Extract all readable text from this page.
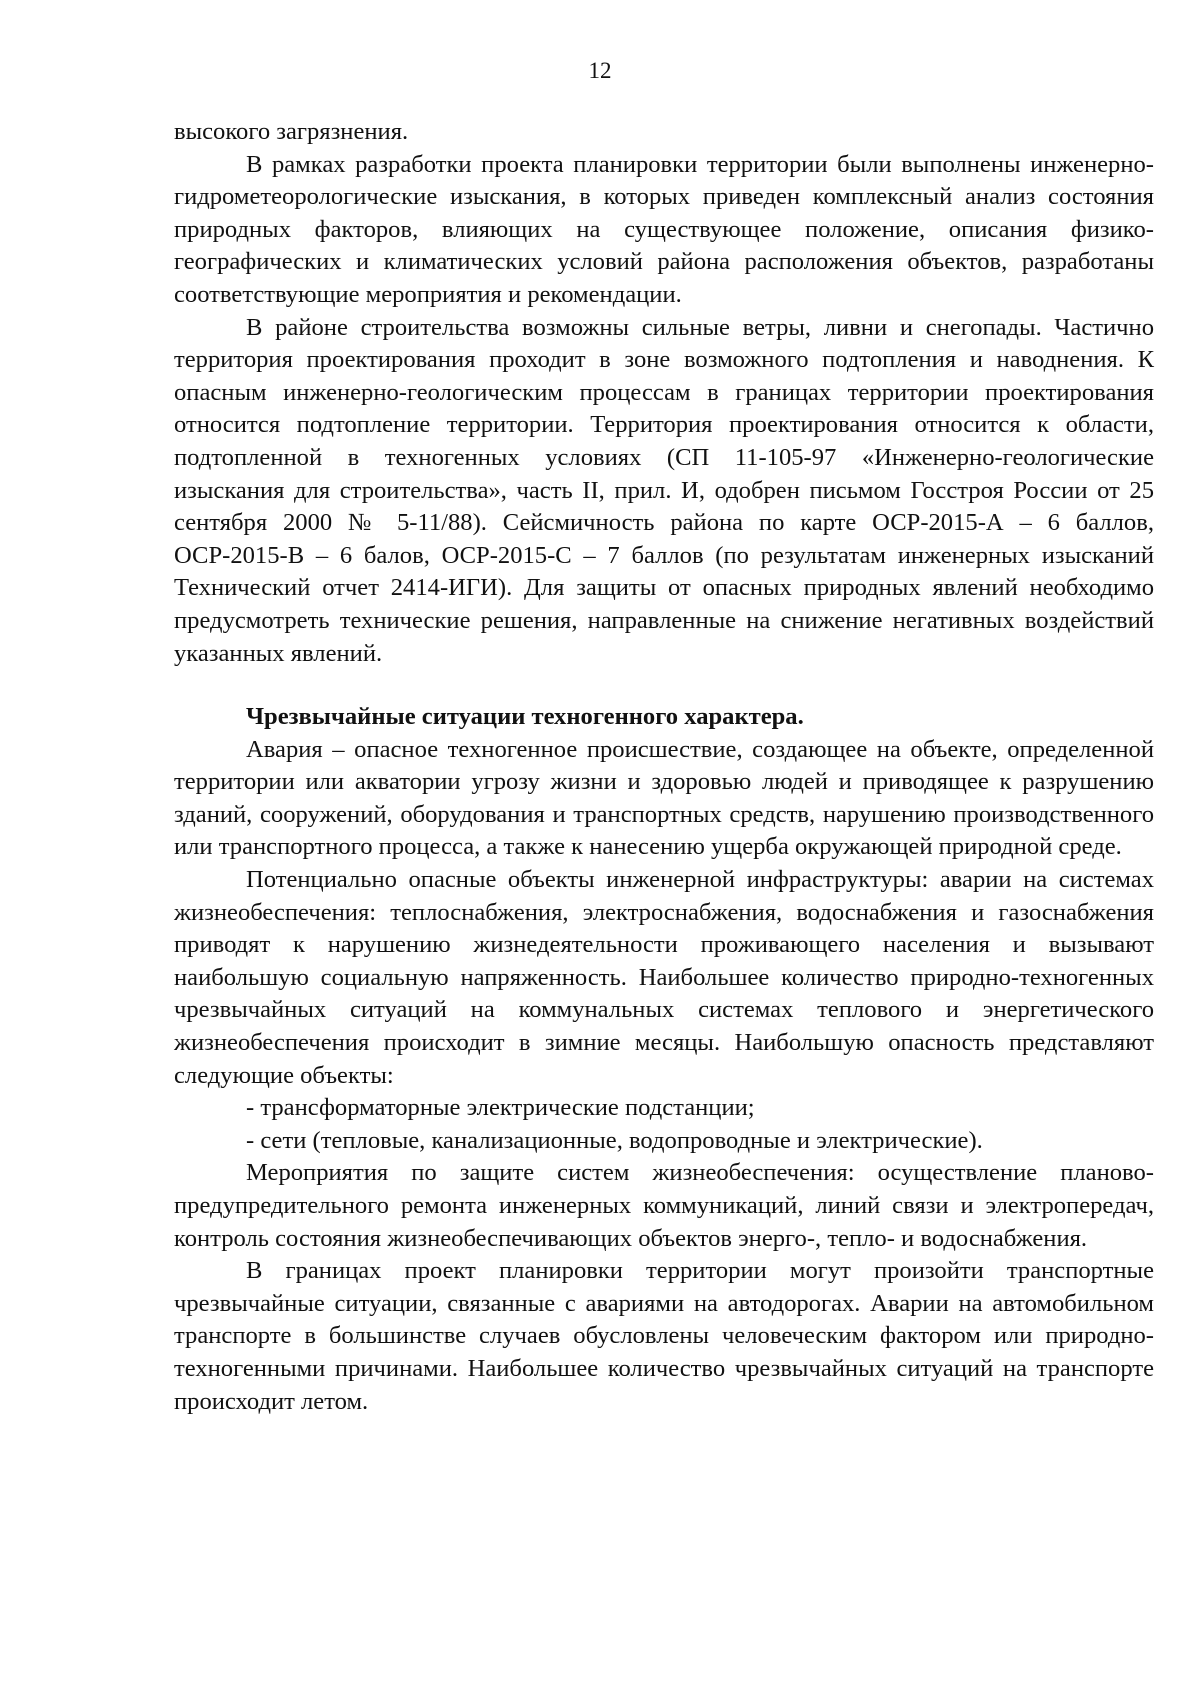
12

высокого загрязнения.

В рамках разработки проекта планировки территории были выполнены инженерно-гидрометеорологические изыскания, в которых приведен комплексный анализ состояния природных факторов, влияющих на существующее положение, описания физико-географических и климатических условий района расположения объектов, разработаны соответствующие мероприятия и рекомендации.

В районе строительства возможны сильные ветры, ливни и снегопады. Частично территория проектирования проходит в зоне возможного подтопления и наводнения. К опасным инженерно-геологическим процессам в границах территории проектирования относится подтопление территории. Территория проектирования относится к области, подтопленной в техногенных условиях (СП 11-105-97 «Инженерно-геологические изыскания для строительства», часть II, прил. И, одобрен письмом Госстроя России от 25 сентября 2000 № 5-11/88). Сейсмичность района по карте ОСР-2015-А – 6 баллов, ОСР-2015-В – 6 балов, ОСР-2015-С – 7 баллов (по результатам инженерных изысканий Технический отчет 2414-ИГИ). Для защиты от опасных природных явлений необходимо предусмотреть технические решения, направленные на снижение негативных воздействий указанных явлений.

Чрезвычайные ситуации техногенного характера.

Авария – опасное техногенное происшествие, создающее на объекте, определенной территории или акватории угрозу жизни и здоровью людей и приводящее к разрушению зданий, сооружений, оборудования и транспортных средств, нарушению производственного или транспортного процесса, а также к нанесению ущерба окружающей природной среде.

Потенциально опасные объекты инженерной инфраструктуры: аварии на системах жизнеобеспечения: теплоснабжения, электроснабжения, водоснабжения и газоснабжения приводят к нарушению жизнедеятельности проживающего населения и вызывают наибольшую социальную напряженность. Наибольшее количество природно-техногенных чрезвычайных ситуаций на коммунальных системах теплового и энергетического жизнеобеспечения происходит в зимние месяцы. Наибольшую опасность представляют следующие объекты:

- трансформаторные электрические подстанции;

- сети (тепловые, канализационные, водопроводные и электрические).

Мероприятия по защите систем жизнеобеспечения: осуществление планово-предупредительного ремонта инженерных коммуникаций, линий связи и электропередач, контроль состояния жизнеобеспечивающих объектов энерго-, тепло- и водоснабжения.

В границах проект планировки территории могут произойти транспортные чрезвычайные ситуации, связанные с авариями на автодорогах. Аварии на автомобильном транспорте в большинстве случаев обусловлены человеческим фактором или природно-техногенными причинами. Наибольшее количество чрезвычайных ситуаций на транспорте происходит летом.
